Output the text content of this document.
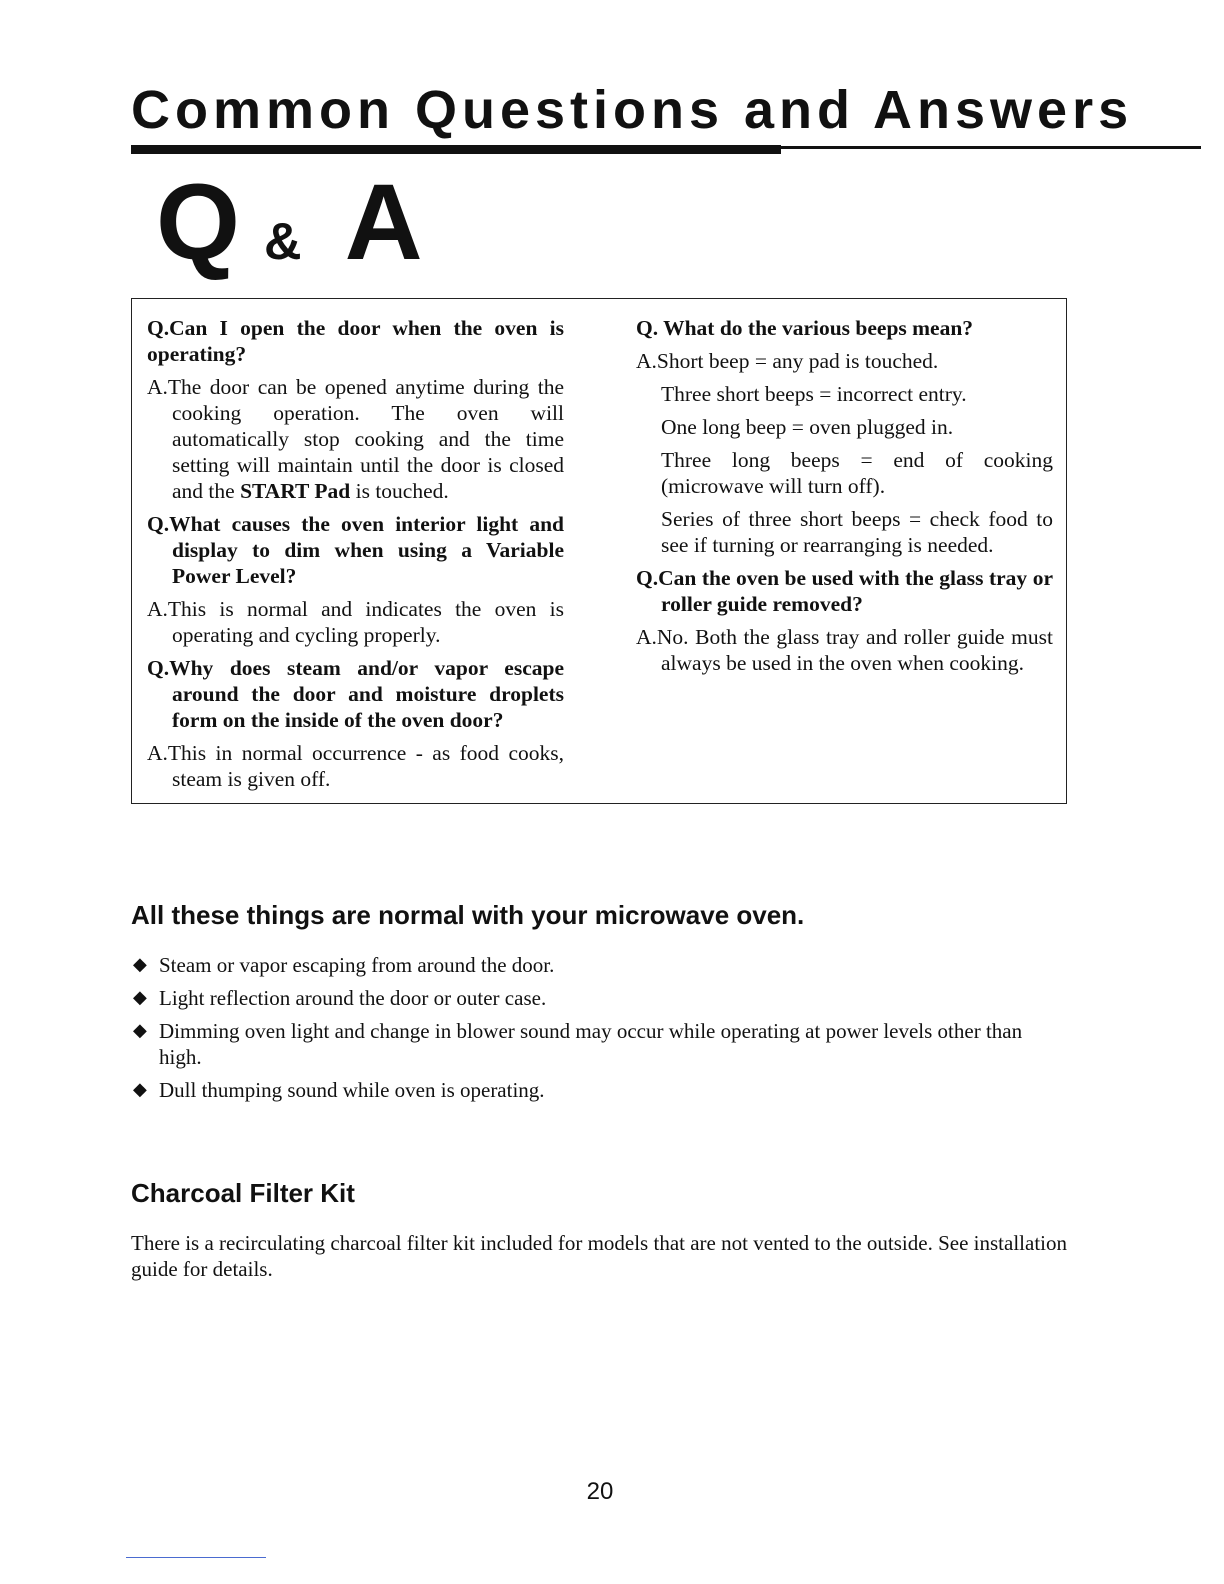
Common Questions and Answers
Q & A
Q.Can I open the door when the oven is operating?
A.The door can be opened anytime during the cooking operation. The oven will automatically stop cooking and the time setting will maintain until the door is closed and the START Pad is touched.
Q.What causes the oven interior light and display to dim when using a Variable Power Level?
A.This is normal and indicates the oven is operating and cycling properly.
Q.Why does steam and/or vapor escape around the door and moisture droplets form on the inside of the oven door?
A.This in normal occurrence - as food cooks, steam is given off.
Q. What do the various beeps mean?
A.Short beep = any pad is touched.
Three short beeps = incorrect entry.
One long beep = oven plugged in.
Three long beeps = end of cooking (microwave will turn off).
Series of three short beeps = check food to see if turning or rearranging is needed.
Q.Can the oven be used with the glass tray or roller guide removed?
A.No. Both the glass tray and roller guide must always be used in the oven when cooking.
All these things are normal with your microwave oven.
◆ Steam or vapor escaping from around the door.
◆ Light reflection around the door or outer case.
◆ Dimming oven light and change in blower sound may occur while operating at power levels other than high.
◆ Dull thumping sound while oven is operating.
Charcoal Filter Kit
There is a recirculating charcoal filter kit included for models that are not vented to the outside. See installation guide for details.
20
